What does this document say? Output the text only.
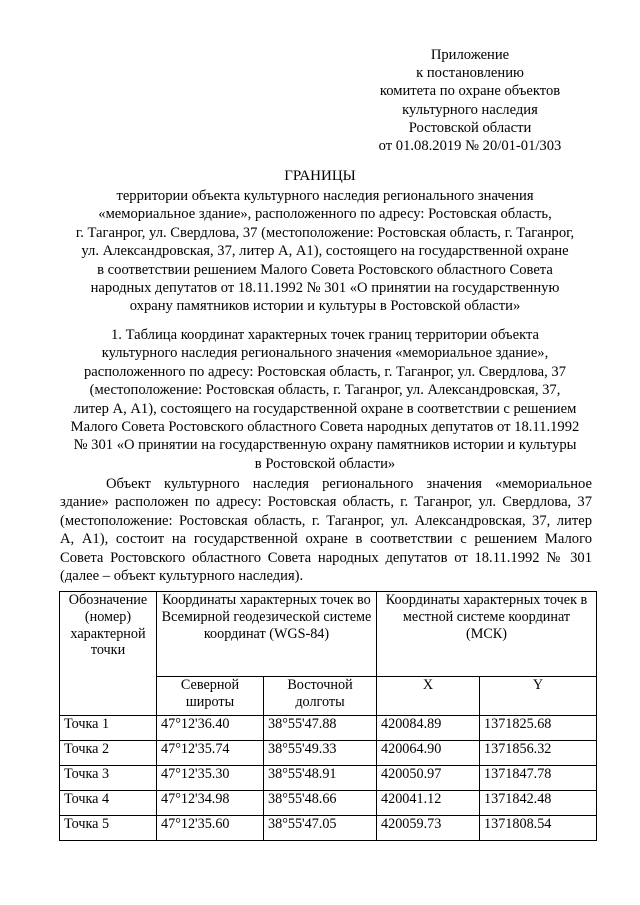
Приложение
к постановлению
комитета по охране объектов
культурного наследия
Ростовской области
от 01.08.2019 № 20/01-01/303
ГРАНИЦЫ
территории объекта культурного наследия регионального значения
«мемориальное здание», расположенного по адресу: Ростовская область,
г. Таганрог, ул. Свердлова, 37 (местоположение: Ростовская область, г. Таганрог,
ул. Александровская, 37, литер А, А1), состоящего на государственной охране
в соответствии решением Малого Совета Ростовского областного Совета
народных депутатов от 18.11.1992 № 301 «О принятии на государственную
охрану памятников истории и культуры в Ростовской области»
1. Таблица координат характерных точек границ территории объекта
культурного наследия регионального значения «мемориальное здание»,
расположенного по адресу: Ростовская область, г. Таганрог, ул. Свердлова, 37
(местоположение: Ростовская область, г. Таганрог, ул. Александровская, 37,
литер А, А1), состоящего на государственной охране в соответствии с решением
Малого Совета Ростовского областного Совета народных депутатов от 18.11.1992
№ 301 «О принятии на государственную охрану памятников истории и культуры
в Ростовской области»
Объект культурного наследия регионального значения «мемориальное
здание» расположен по адресу: Ростовская область, г. Таганрог, ул. Свердлова, 37
(местоположение: Ростовская область, г. Таганрог, ул. Александровская, 37, литер
А, А1), состоит на государственной охране в соответствии с решением Малого
Совета Ростовского областного Совета народных депутатов от 18.11.1992 № 301
(далее – объект культурного наследия).
Обозначение (номер) характерной точки	Координаты характерных точек во Всемирной геодезической системе координат (WGS-84)		Координаты характерных точек в местной системе координат (МСК)	
	Северной широты	Восточной долготы	X	Y
Точка 1	47°12'36.40	38°55'47.88	420084.89	1371825.68
Точка 2	47°12'35.74	38°55'49.33	420064.90	1371856.32
Точка 3	47°12'35.30	38°55'48.91	420050.97	1371847.78
Точка 4	47°12'34.98	38°55'48.66	420041.12	1371842.48
Точка 5	47°12'35.60	38°55'47.05	420059.73	1371808.54
